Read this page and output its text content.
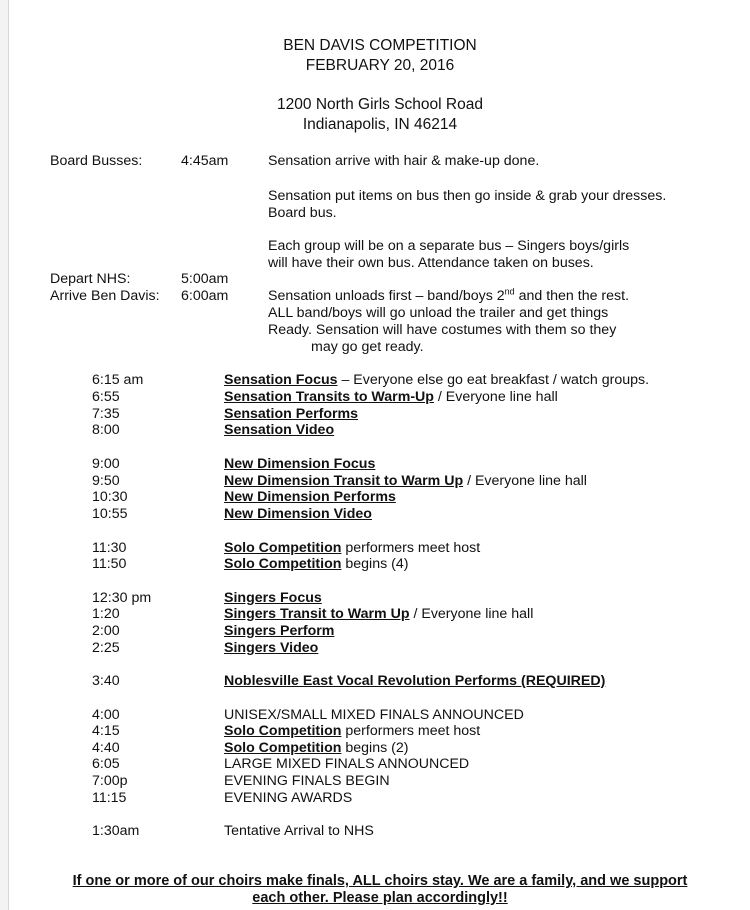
BEN DAVIS COMPETITION
FEBRUARY 20, 2016
1200 North Girls School Road
Indianapolis, IN 46214
Board Busses:	4:45am	Sensation arrive with hair & make-up done.
Sensation put items on bus then go inside & grab your dresses.
Board bus.
Each group will be on a separate bus – Singers boys/girls
will have their own bus. Attendance taken on buses.
Depart NHS:	5:00am
Arrive Ben Davis: 6:00am	Sensation unloads first – band/boys 2nd and then the rest.
ALL band/boys will go unload the trailer and get things
Ready. Sensation will have costumes with them so they
may go get ready.
6:15 am	Sensation Focus – Everyone else go eat breakfast / watch groups.
6:55	Sensation Transits to Warm-Up / Everyone line hall
7:35	Sensation Performs
8:00	Sensation Video
9:00	New Dimension Focus
9:50	New Dimension Transit to Warm Up / Everyone line hall
10:30	New Dimension Performs
10:55	New Dimension Video
11:30	Solo Competition performers meet host
11:50	Solo Competition begins (4)
12:30 pm	Singers Focus
1:20	Singers Transit to Warm Up / Everyone line hall
2:00	Singers Perform
2:25	Singers Video
3:40	Noblesville East Vocal Revolution Performs (REQUIRED)
4:00	UNISEX/SMALL MIXED FINALS ANNOUNCED
4:15	Solo Competition performers meet host
4:40	Solo Competition begins (2)
6:05	LARGE MIXED FINALS ANNOUNCED
7:00p	EVENING FINALS BEGIN
11:15	EVENING AWARDS
1:30am	Tentative Arrival to NHS
If one or more of our choirs make finals, ALL choirs stay. We are a family, and we support
each other. Please plan accordingly!!
